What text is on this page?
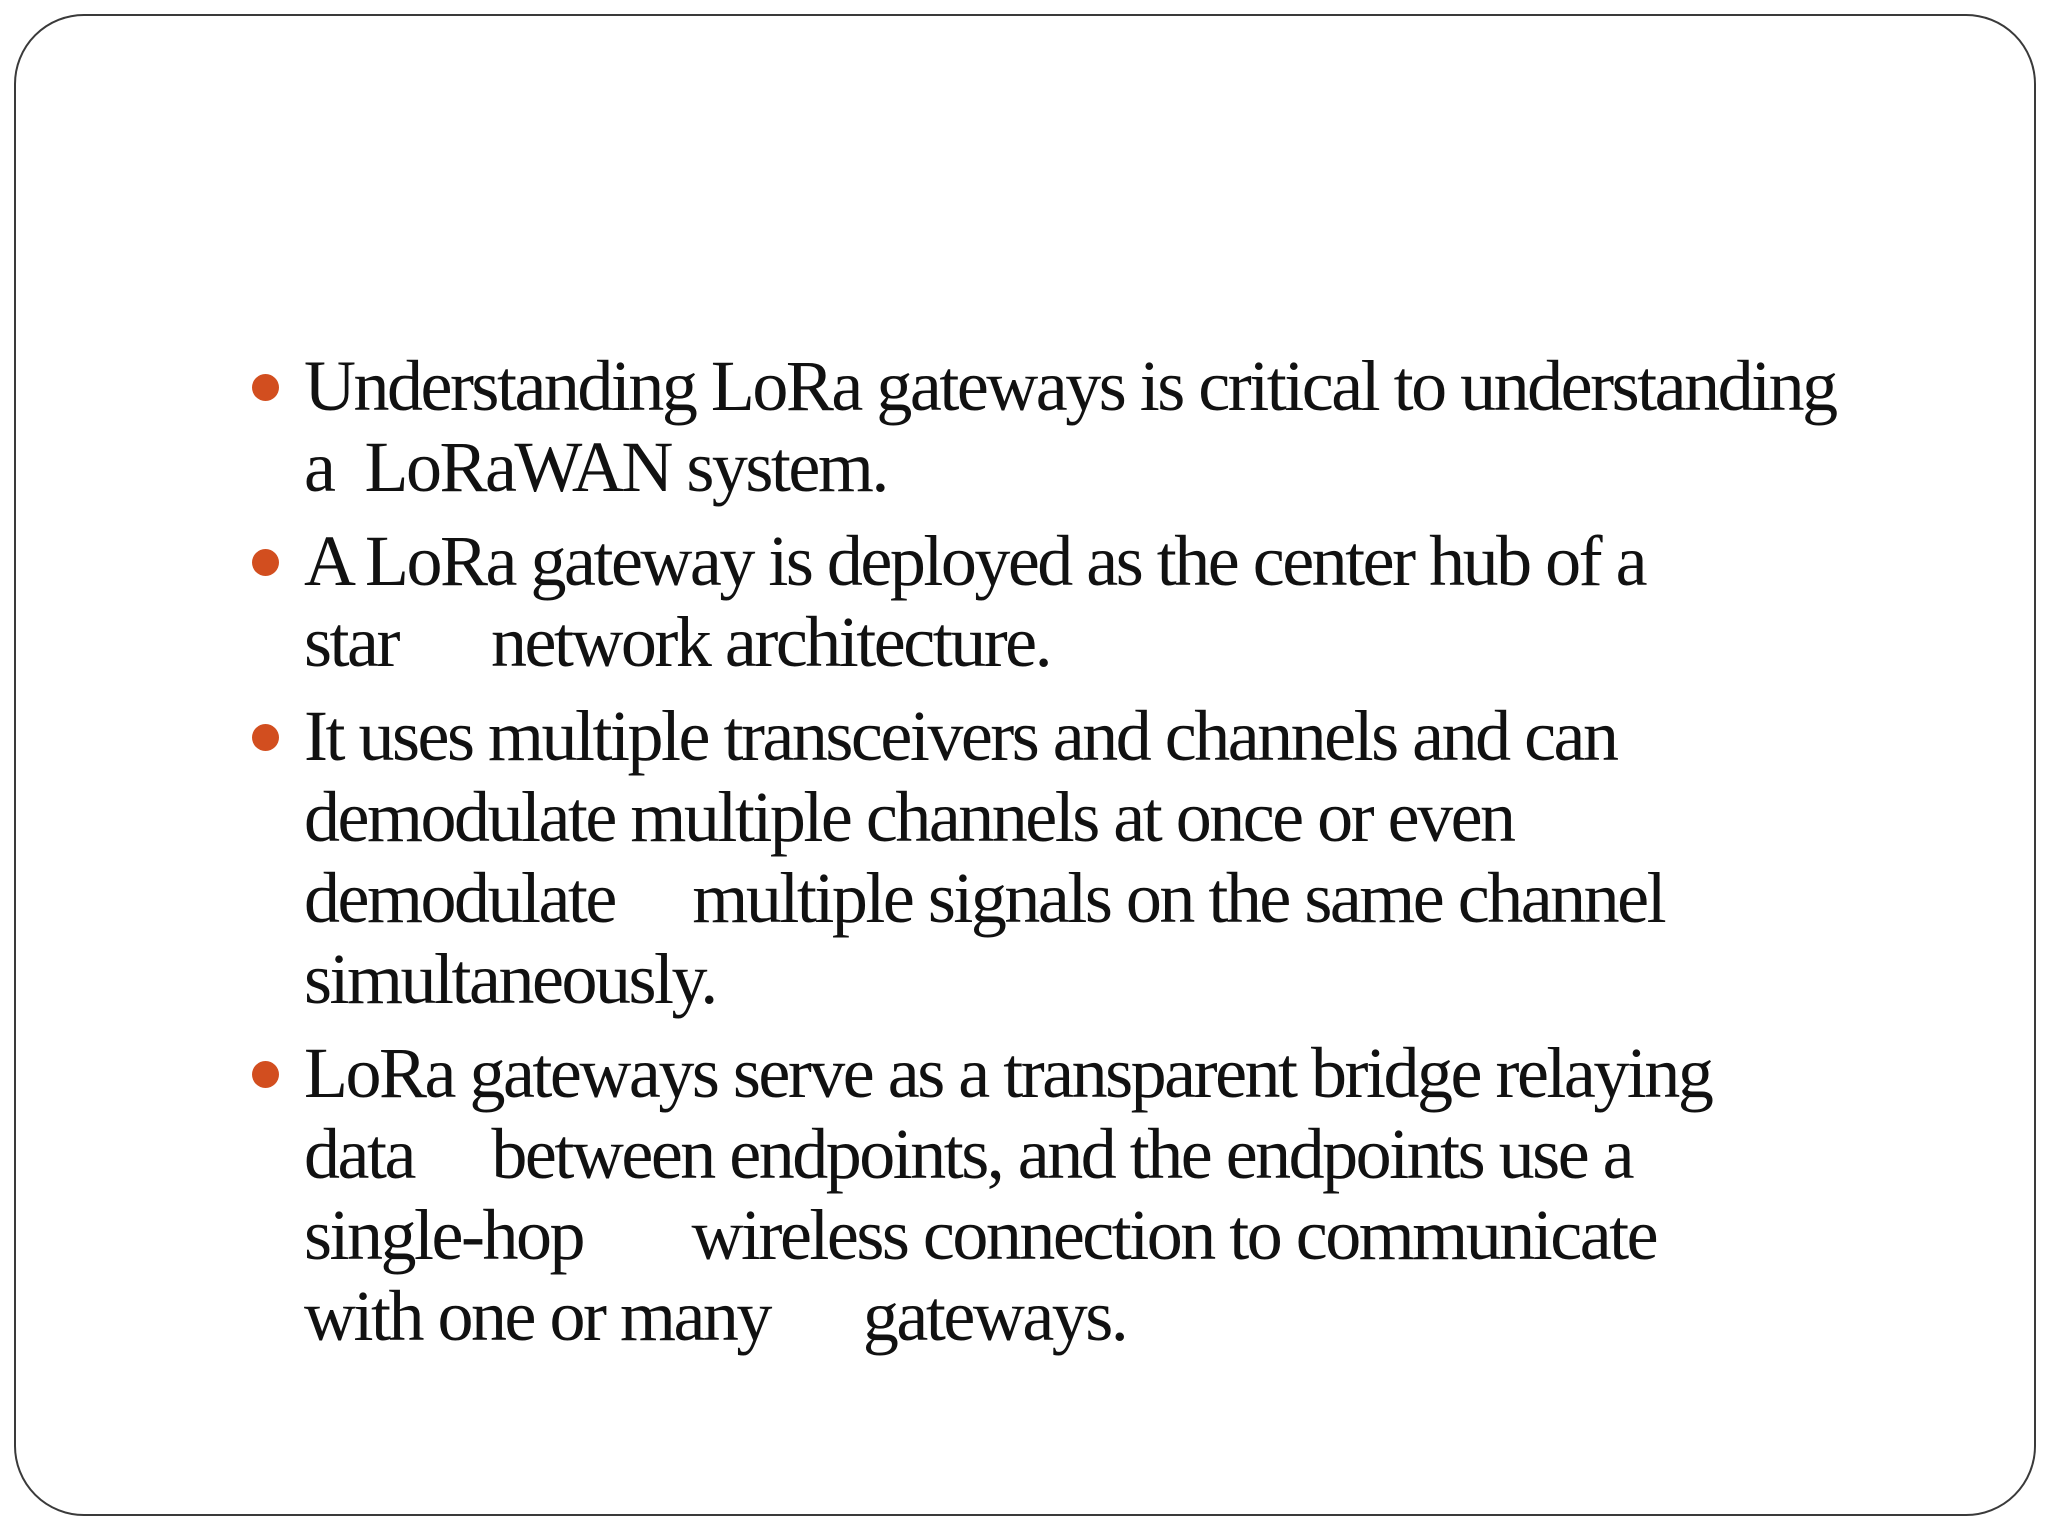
Understanding LoRa gateways is critical to understanding
a  LoRaWAN system.
A LoRa gateway is deployed as the center hub of a
star      network architecture.
It uses multiple transceivers and channels and can
demodulate multiple channels at once or even
demodulate     multiple signals on the same channel
simultaneously.
LoRa gateways serve as a transparent bridge relaying
data     between endpoints, and the endpoints use a
single-hop       wireless connection to communicate
with one or many      gateways.
